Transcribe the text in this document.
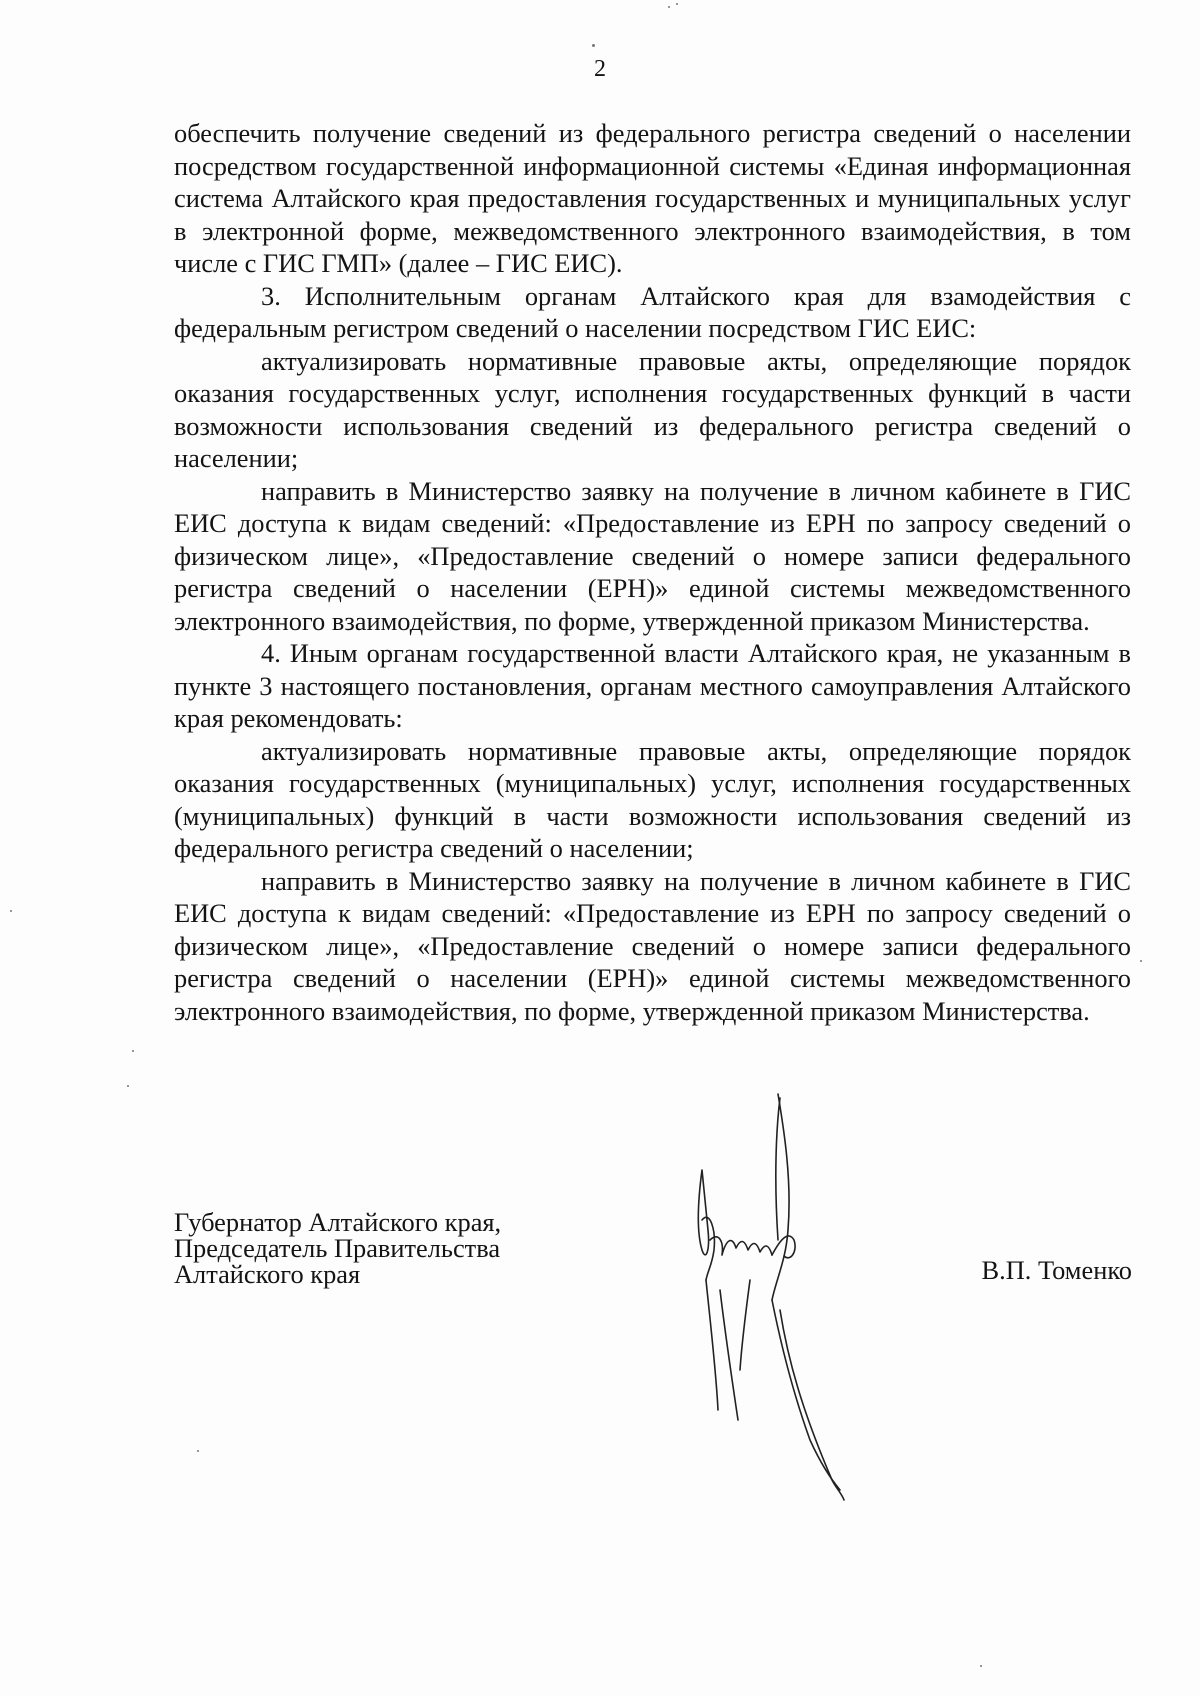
2

обеспечить получение сведений из федерального регистра сведений о населении посредством государственной информационной системы «Единая информационная система Алтайского края предоставления государственных и муниципальных услуг в электронной форме, межведомственного электронного взаимодействия, в том числе с ГИС ГМП» (далее – ГИС ЕИС).

3. Исполнительным органам Алтайского края для взамодействия с федеральным регистром сведений о населении посредством ГИС ЕИС:

актуализировать нормативные правовые акты, определяющие порядок оказания государственных услуг, исполнения государственных функций в части возможности использования сведений из федерального регистра сведений о населении;

направить в Министерство заявку на получение в личном кабинете в ГИС ЕИС доступа к видам сведений: «Предоставление из ЕРН по запросу сведений о физическом лице», «Предоставление сведений о номере записи федерального регистра сведений о населении (ЕРН)» единой системы межведомственного электронного взаимодействия, по форме, утвержденной приказом Министерства.

4. Иным органам государственной власти Алтайского края, не указанным в пункте 3 настоящего постановления, органам местного самоуправления Алтайского края рекомендовать:

актуализировать нормативные правовые акты, определяющие порядок оказания государственных (муниципальных) услуг, исполнения государственных (муниципальных) функций в части возможности использования сведений из федерального регистра сведений о населении;

направить в Министерство заявку на получение в личном кабинете в ГИС ЕИС доступа к видам сведений: «Предоставление из ЕРН по запросу сведений о физическом лице», «Предоставление сведений о номере записи федерального регистра сведений о населении (ЕРН)» единой системы межведомственного электронного взаимодействия, по форме, утвержденной приказом Министерства.

Губернатор Алтайского края,
Председатель Правительства
Алтайского края	В.П. Томенко
